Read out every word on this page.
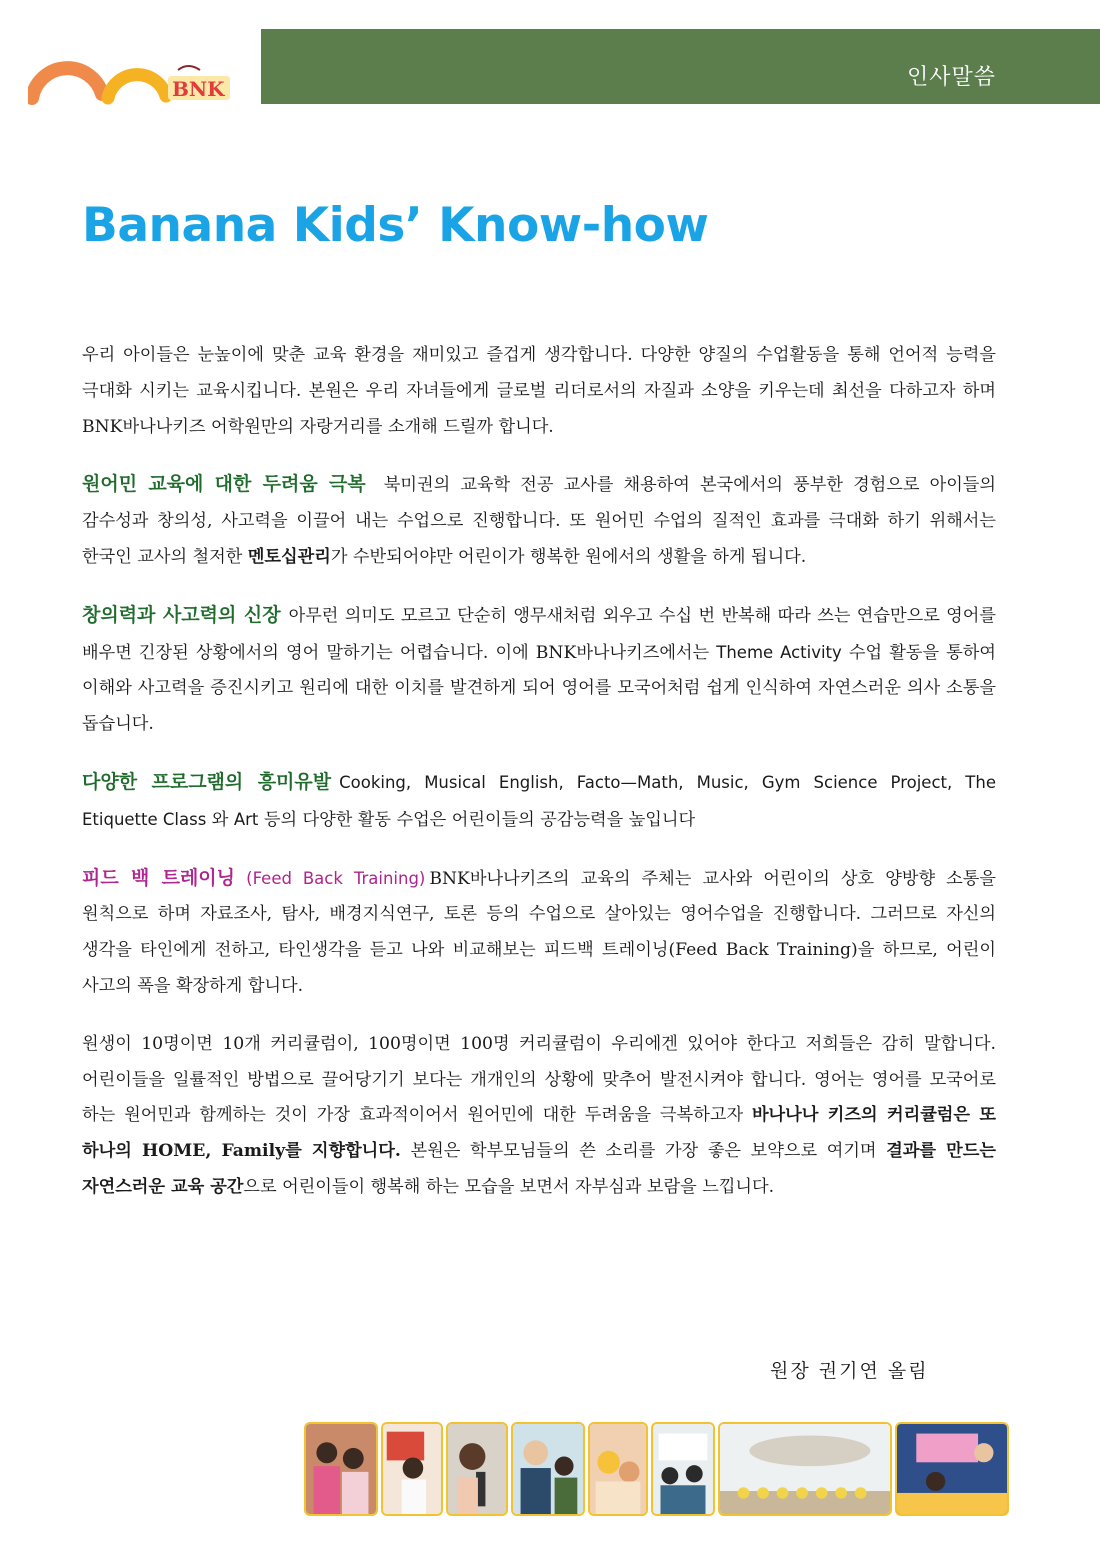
BNK	인사말씀
Banana Kids’ Know-how

우리 아이들은 눈높이에 맞춘 교육 환경을 재미있고 즐겁게 생각합니다. 다양한 양질의 수업활동을 통해 언어적 능력을 극대화 시키는 교육시킵니다. 본원은 우리 자녀들에게 글로벌 리더로서의 자질과 소양을 키우는데 최선을 다하고자 하며 BNK바나나키즈 어학원만의 자랑거리를 소개해 드릴까 합니다.

원어민 교육에 대한 두려움 극복 북미권의 교육학 전공 교사를 채용하여 본국에서의 풍부한 경험으로 아이들의 감수성과 창의성, 사고력을 이끌어 내는 수업으로 진행합니다. 또 원어민 수업의 질적인 효과를 극대화 하기 위해서는 한국인 교사의 철저한 멘토십관리가 수반되어야만 어린이가 행복한 원에서의 생활을 하게 됩니다.

창의력과 사고력의 신장 아무런 의미도 모르고 단순히 앵무새처럼 외우고 수십 번 반복해 따라 쓰는 연습만으로 영어를 배우면 긴장된 상황에서의 영어 말하기는 어렵습니다. 이에 BNK바나나키즈에서는 Theme Activity 수업 활동을 통하여 이해와 사고력을 증진시키고 원리에 대한 이치를 발견하게 되어 영어를 모국어처럼 쉽게 인식하여 자연스러운 의사 소통을 돕습니다.

다양한 프로그램의 흥미유발 Cooking, Musical English, Facto—Math, Music, Gym Science Project, The Etiquette Class 와 Art 등의 다양한 활동 수업은 어린이들의 공감능력을 높입니다

피드 백 트레이닝 (Feed Back Training) BNK바나나키즈의 교육의 주체는 교사와 어린이의 상호 양방향 소통을 원칙으로 하며 자료조사, 탐사, 배경지식연구, 토론 등의 수업으로 살아있는 영어수업을 진행합니다. 그러므로 자신의 생각을 타인에게 전하고, 타인생각을 듣고 나와 비교해보는 피드백 트레이닝(Feed Back Training)을 하므로, 어린이 사고의 폭을 확장하게 합니다.

원생이 10명이면 10개 커리큘럼이, 100명이면 100명 커리큘럼이 우리에겐 있어야 한다고 저희들은 감히 말합니다. 어린이들을 일률적인 방법으로 끌어당기기 보다는 개개인의 상황에 맞추어 발전시켜야 합니다. 영어는 영어를 모국어로 하는 원어민과 함께하는 것이 가장 효과적이어서 원어민에 대한 두려움을 극복하고자 바나나나 키즈의 커리큘럼은 또 하나의 HOME, Family를 지향합니다. 본원은 학부모님들의 쓴 소리를 가장 좋은 보약으로 여기며 결과를 만드는 자연스러운 교육 공간으로 어린이들이 행복해 하는 모습을 보면서 자부심과 보람을 느낍니다.

원장 권기연 올림
